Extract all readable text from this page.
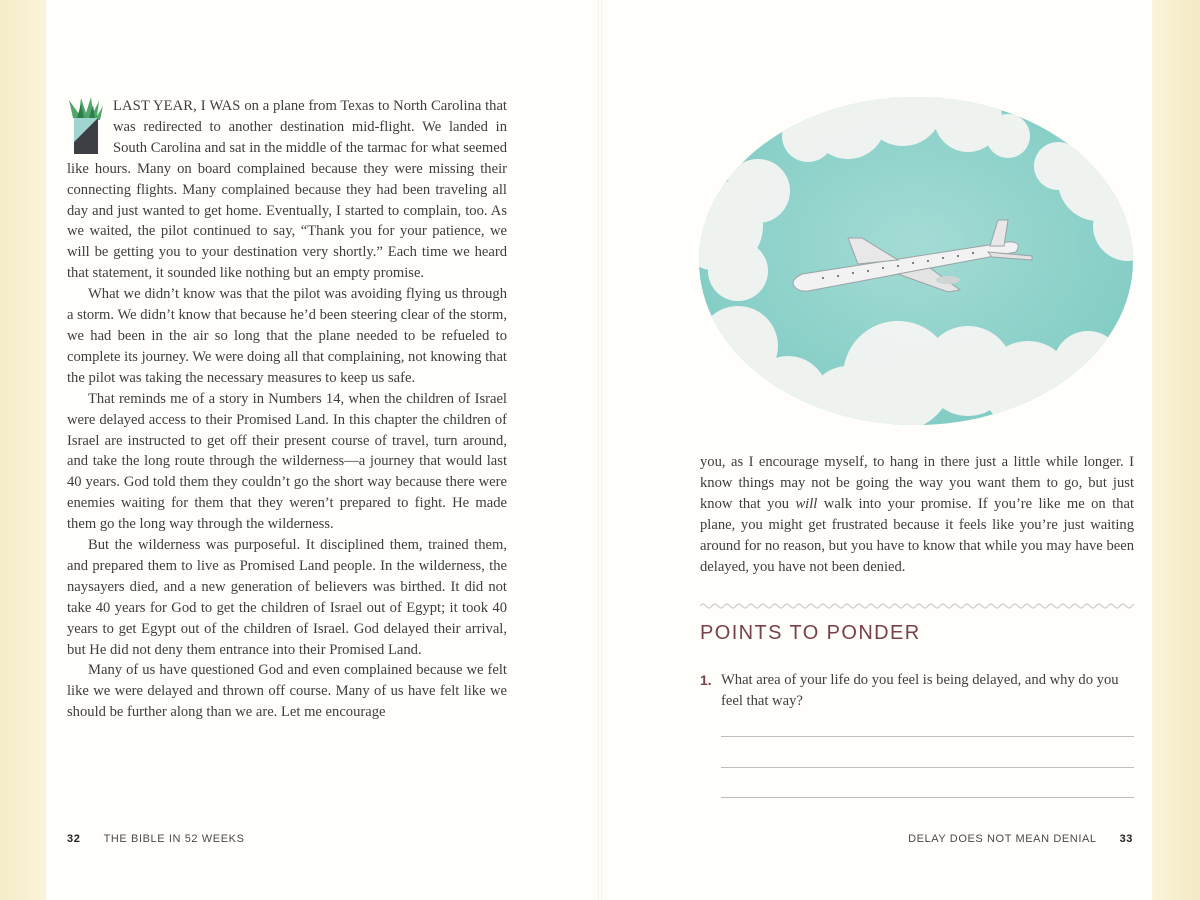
LAST YEAR, I WAS on a plane from Texas to North Carolina that was redirected to another destination mid-flight. We landed in South Carolina and sat in the middle of the tarmac for what seemed like hours. Many on board complained because they were missing their connecting flights. Many complained because they had been traveling all day and just wanted to get home. Eventually, I started to complain, too. As we waited, the pilot continued to say, “Thank you for your patience, we will be getting you to your destination very shortly.” Each time we heard that statement, it sounded like nothing but an empty promise.

What we didn’t know was that the pilot was avoiding flying us through a storm. We didn’t know that because he’d been steering clear of the storm, we had been in the air so long that the plane needed to be refueled to complete its journey. We were doing all that complaining, not knowing that the pilot was taking the necessary measures to keep us safe.

That reminds me of a story in Numbers 14, when the children of Israel were delayed access to their Promised Land. In this chapter the children of Israel are instructed to get off their present course of travel, turn around, and take the long route through the wilderness—a journey that would last 40 years. God told them they couldn’t go the short way because there were enemies waiting for them that they weren’t prepared to fight. He made them go the long way through the wilderness.

But the wilderness was purposeful. It disciplined them, trained them, and prepared them to live as Promised Land people. In the wilderness, the naysayers died, and a new generation of believers was birthed. It did not take 40 years for God to get the children of Israel out of Egypt; it took 40 years to get Egypt out of the children of Israel. God delayed their arrival, but He did not deny them entrance into their Promised Land.

Many of us have questioned God and even complained because we felt like we were delayed and thrown off course. Many of us have felt like we should be further along than we are. Let me encourage

you, as I encourage myself, to hang in there just a little while longer. I know things may not be going the way you want them to go, but just know that you will walk into your promise. If you’re like me on that plane, you might get frustrated because it feels like you’re just waiting around for no reason, but you have to know that while you may have been delayed, you have not been denied.

POINTS TO PONDER
1. What area of your life do you feel is being delayed, and why do you feel that way?
32 THE BIBLE IN 52 WEEKS	DELAY DOES NOT MEAN DENIAL 33
